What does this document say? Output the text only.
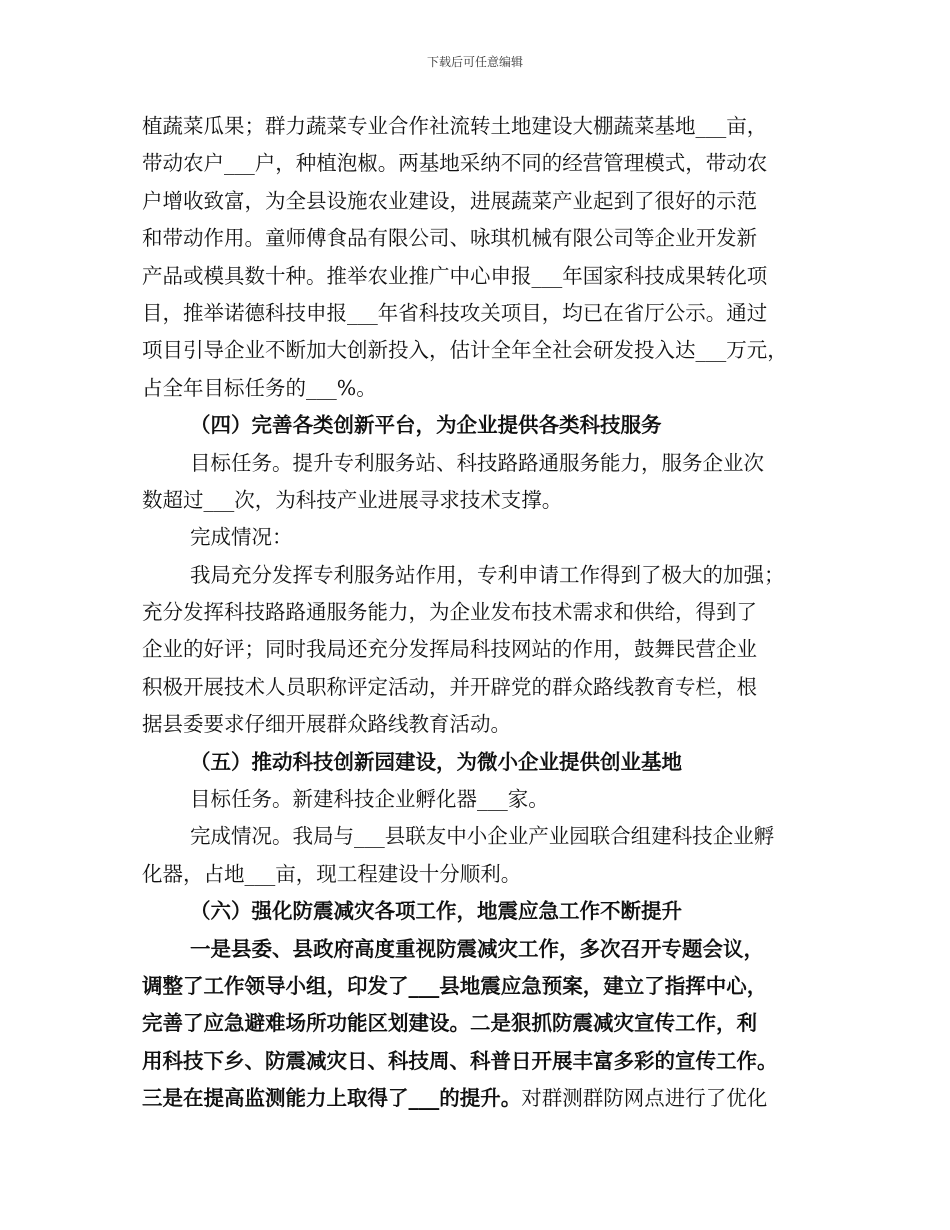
下载后可任意编辑
植蔬菜瓜果；群力蔬菜专业合作社流转土地建设大棚蔬菜基地___亩，
带动农户___户，种植泡椒。两基地采纳不同的经营管理模式，带动农
户增收致富，为全县设施农业建设，进展蔬菜产业起到了很好的示范
和带动作用。童师傅食品有限公司、咏琪机械有限公司等企业开发新
产品或模具数十种。推举农业推广中心申报___年国家科技成果转化项
目，推举诺德科技申报___年省科技攻关项目，均已在省厅公示。通过
项目引导企业不断加大创新投入，估计全年全社会研发投入达___万元，
占全年目标任务的___%。
（四）完善各类创新平台，为企业提供各类科技服务
目标任务。提升专利服务站、科技路路通服务能力，服务企业次
数超过___次，为科技产业进展寻求技术支撑。
完成情况：
我局充分发挥专利服务站作用，专利申请工作得到了极大的加强；
充分发挥科技路路通服务能力，为企业发布技术需求和供给，得到了
企业的好评；同时我局还充分发挥局科技网站的作用，鼓舞民营企业
积极开展技术人员职称评定活动，并开辟党的群众路线教育专栏，根
据县委要求仔细开展群众路线教育活动。
（五）推动科技创新园建设，为微小企业提供创业基地
目标任务。新建科技企业孵化器___家。
完成情况。我局与___县联友中小企业产业园联合组建科技企业孵
化器，占地___亩，现工程建设十分顺利。
（六）强化防震减灾各项工作，地震应急工作不断提升
一是县委、县政府高度重视防震减灾工作，多次召开专题会议，
调整了工作领导小组，印发了___县地震应急预案，建立了指挥中心，
完善了应急避难场所功能区划建设。二是狠抓防震减灾宣传工作，利
用科技下乡、防震减灾日、科技周、科普日开展丰富多彩的宣传工作。
三是在提高监测能力上取得了___的提升。对群测群防网点进行了优化
